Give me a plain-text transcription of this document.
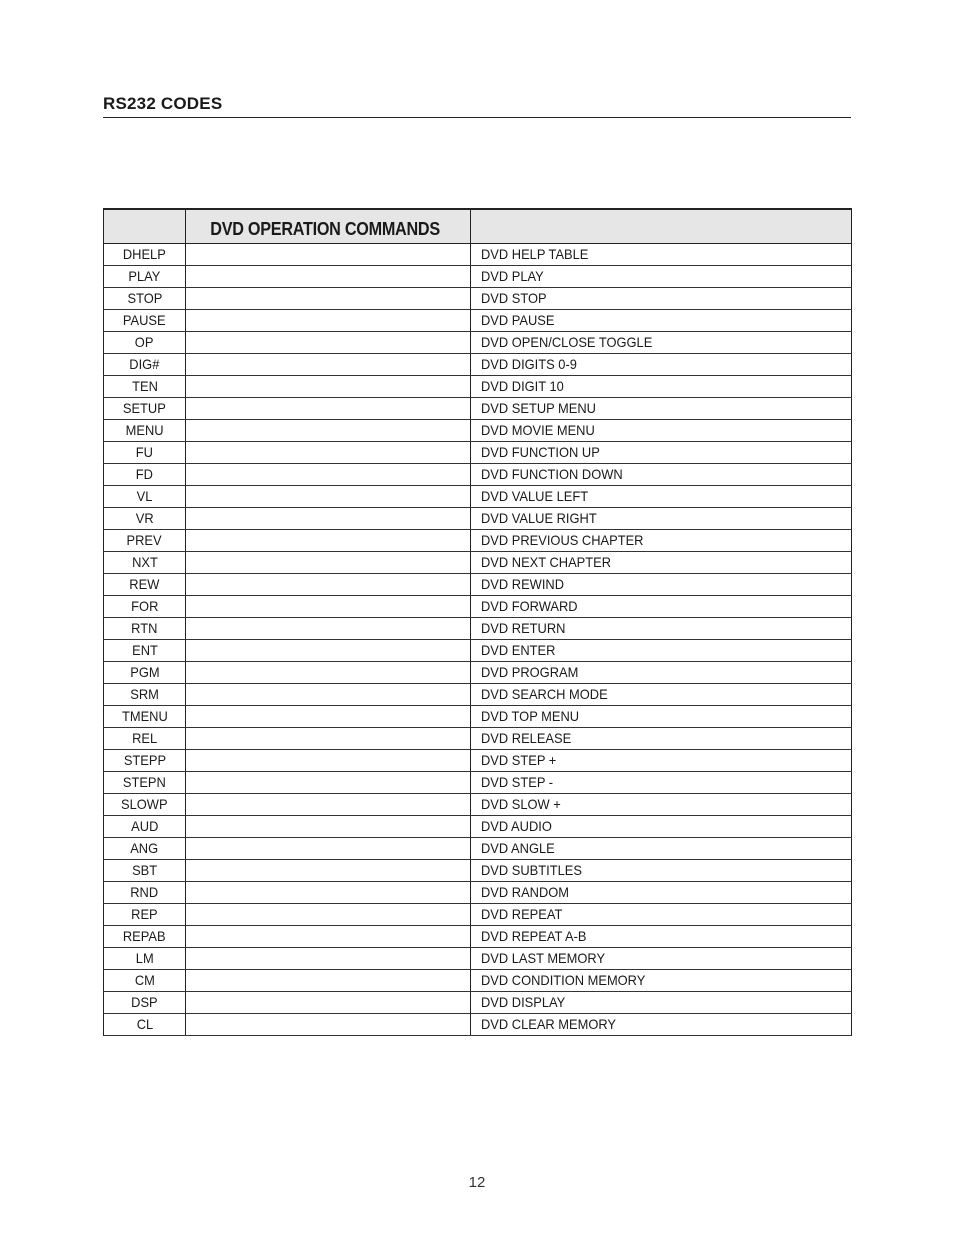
RS232 CODES

	DVD OPERATION COMMANDS	

DHELP		DVD HELP TABLE
PLAY		DVD PLAY
STOP		DVD STOP
PAUSE		DVD PAUSE
OP		DVD OPEN/CLOSE TOGGLE
DIG#		DVD DIGITS 0-9
TEN		DVD DIGIT 10
SETUP		DVD SETUP MENU
MENU		DVD MOVIE MENU
FU		DVD FUNCTION UP
FD		DVD FUNCTION DOWN
VL		DVD VALUE LEFT
VR		DVD VALUE RIGHT
PREV		DVD PREVIOUS CHAPTER
NXT		DVD NEXT CHAPTER
REW		DVD REWIND
FOR		DVD FORWARD
RTN		DVD RETURN
ENT		DVD ENTER
PGM		DVD PROGRAM
SRM		DVD SEARCH MODE
TMENU		DVD TOP MENU
REL		DVD RELEASE
STEPP		DVD STEP +
STEPN		DVD STEP -
SLOWP		DVD SLOW +
AUD		DVD AUDIO
ANG		DVD ANGLE
SBT		DVD SUBTITLES
RND		DVD RANDOM
REP		DVD REPEAT
REPAB		DVD REPEAT A-B
LM		DVD LAST MEMORY
CM		DVD CONDITION MEMORY
DSP		DVD DISPLAY
CL		DVD CLEAR MEMORY
12
